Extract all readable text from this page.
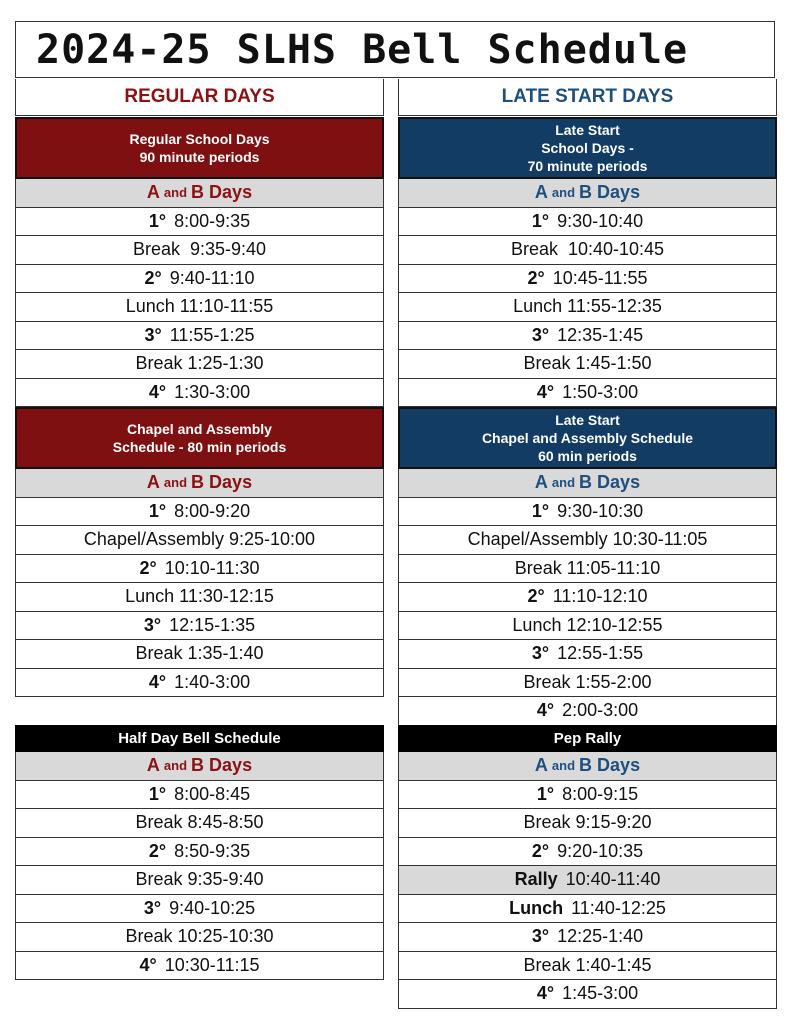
2024-25 SLHS Bell Schedule
REGULAR DAYS
Regular School Days
90 minute periods
A and B Days
1° 8:00-9:35
Break  9:35-9:40
2° 9:40-11:10
Lunch 11:10-11:55
3° 11:55-1:25
Break 1:25-1:30
4° 1:30-3:00
Chapel and Assembly
Schedule - 80 min periods
A and B Days
1° 8:00-9:20
Chapel/Assembly 9:25-10:00
2° 10:10-11:30
Lunch 11:30-12:15
3° 12:15-1:35
Break 1:35-1:40
4° 1:40-3:00
Half Day Bell Schedule
A and B Days
1° 8:00-8:45
Break 8:45-8:50
2° 8:50-9:35
Break 9:35-9:40
3° 9:40-10:25
Break 10:25-10:30
4° 10:30-11:15
LATE START DAYS
Late Start
School Days -
70 minute periods
A and B Days
1° 9:30-10:40
Break  10:40-10:45
2° 10:45-11:55
Lunch 11:55-12:35
3° 12:35-1:45
Break 1:45-1:50
4° 1:50-3:00
Late Start
Chapel and Assembly Schedule
60 min periods
A and B Days
1° 9:30-10:30
Chapel/Assembly 10:30-11:05
Break 11:05-11:10
2° 11:10-12:10
Lunch 12:10-12:55
3° 12:55-1:55
Break 1:55-2:00
4° 2:00-3:00
Pep Rally
A and B Days
1° 8:00-9:15
Break 9:15-9:20
2° 9:20-10:35
Rally 10:40-11:40
Lunch 11:40-12:25
3° 12:25-1:40
Break 1:40-1:45
4° 1:45-3:00
